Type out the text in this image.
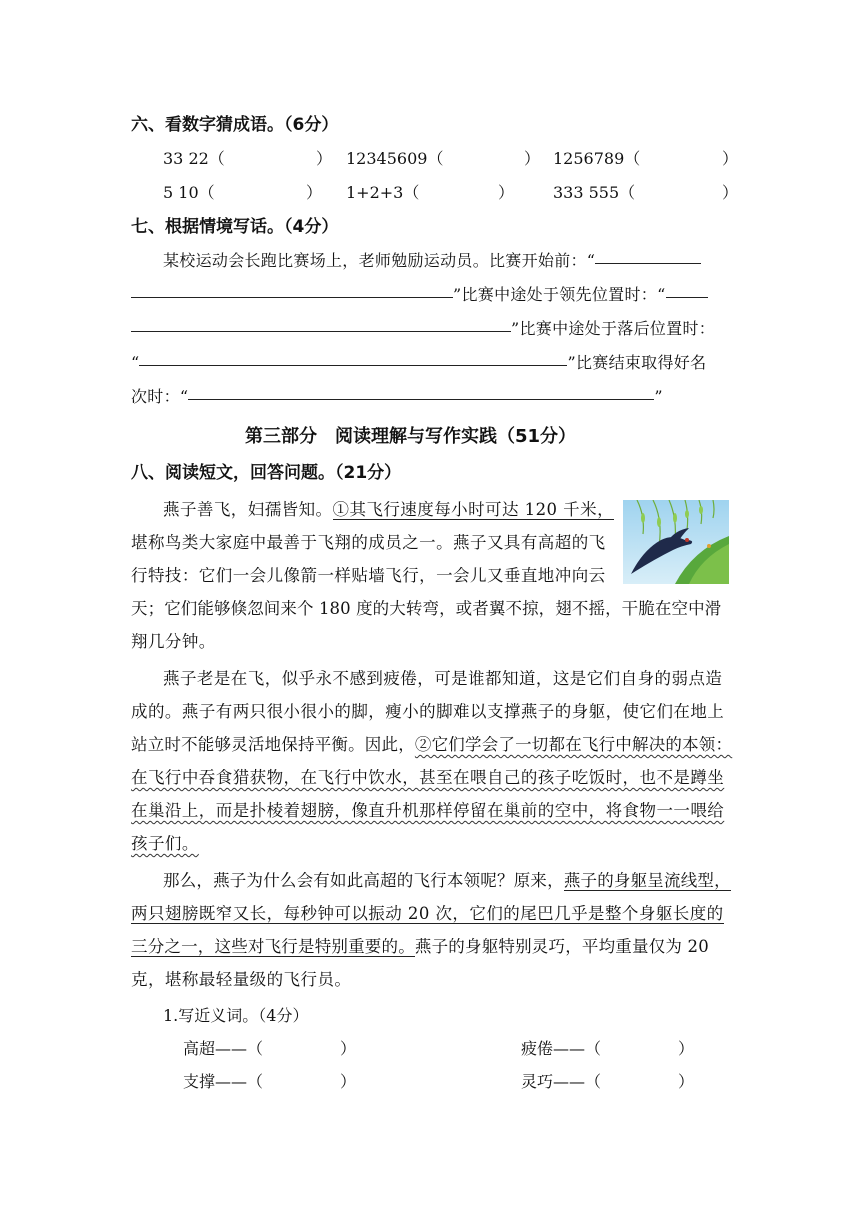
六、看数字猜成语。（6分）
33 22（	） 12345609（	） 1256789（	）
5 10（	） 1+2+3（	） 333 555（	）
七、根据情境写话。（4分）
某校运动会长跑比赛场上，老师勉励运动员。比赛开始前：“
”比赛中途处于领先位置时：“
”比赛中途处于落后位置时：
“	”比赛结束取得好名
次时：“	”
第三部分　阅读理解与写作实践（51分）
八、阅读短文，回答问题。（21分）
燕子善飞，妇孺皆知。①其飞行速度每小时可达 120 千米，
堪称鸟类大家庭中最善于飞翔的成员之一。燕子又具有高超的飞
行特技：它们一会儿像箭一样贴墙飞行，一会儿又垂直地冲向云
天；它们能够倏忽间来个 180 度的大转弯，或者翼不掠，翅不摇，干脆在空中滑
翔几分钟。
燕子老是在飞，似乎永不感到疲倦，可是谁都知道，这是它们自身的弱点造
成的。燕子有两只很小很小的脚，瘦小的脚难以支撑燕子的身躯，使它们在地上
站立时不能够灵活地保持平衡。因此，②它们学会了一切都在飞行中解决的本领：
在飞行中吞食猎获物，在飞行中饮水，甚至在喂自己的孩子吃饭时，也不是蹲坐
在巢沿上，而是扑棱着翅膀，像直升机那样停留在巢前的空中，将食物一一喂给
孩子们。
那么，燕子为什么会有如此高超的飞行本领呢？原来，燕子的身躯呈流线型，
两只翅膀既窄又长，每秒钟可以振动 20 次，它们的尾巴几乎是整个身躯长度的
三分之一，这些对飞行是特别重要的。燕子的身躯特别灵巧，平均重量仅为 20
克，堪称最轻量级的飞行员。
1.写近义词。（4分）
高超——（	）	疲倦——（	）
支撑——（	）	灵巧——（	）
